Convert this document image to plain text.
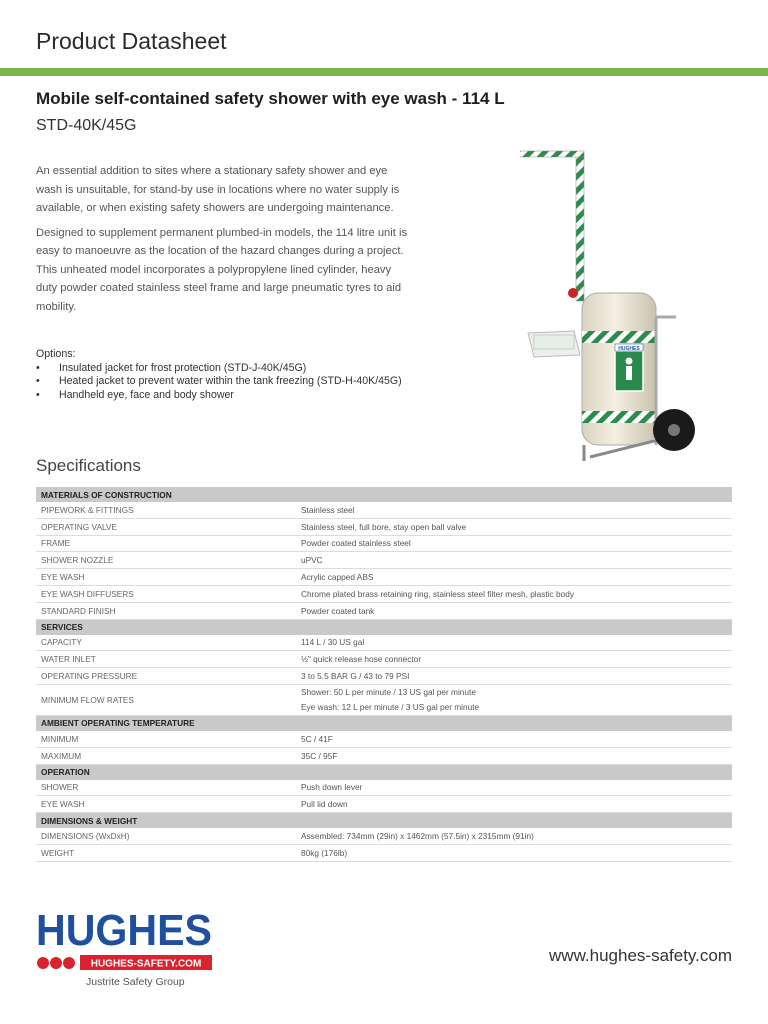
Product Datasheet
Mobile self-contained safety shower with eye wash - 114 L
STD-40K/45G

An essential addition to sites where a stationary safety shower and eye wash is unsuitable, for stand-by use in locations where no water supply is available, or when existing safety showers are undergoing maintenance.

Designed to supplement permanent plumbed-in models, the 114 litre unit is easy to manoeuvre as the location of the hazard changes during a project. This unheated model incorporates a polypropylene lined cylinder, heavy duty powder coated stainless steel frame and large pneumatic tyres to aid mobility.

Options:
• Insulated jacket for frost protection (STD-J-40K/45G)
• Heated jacket to prevent water within the tank freezing (STD-H-40K/45G)
• Handheld eye, face and body shower
HUGHES
Specifications
MATERIALS OF CONSTRUCTION	
PIPEWORK & FITTINGS	Stainless steel
OPERATING VALVE	Stainless steel, full bore, stay open ball valve
FRAME	Powder coated stainless steel
SHOWER NOZZLE	uPVC
EYE WASH	Acrylic capped ABS
EYE WASH DIFFUSERS	Chrome plated brass retaining ring, stainless steel filter mesh, plastic body
STANDARD FINISH	Powder coated tank
SERVICES	
CAPACITY	114 L / 30 US gal
WATER INLET	½" quick release hose connector
OPERATING PRESSURE	3 to 5.5 BAR G / 43 to 79 PSI
MINIMUM FLOW RATES	Shower: 50 L per minute / 13 US gal per minute
Eye wash: 12 L per minute / 3 US gal per minute

AMBIENT OPERATING TEMPERATURE	
MINIMUM	5C / 41F
MAXIMUM	35C / 95F
OPERATION	
SHOWER	Push down lever
EYE WASH	Pull lid down
DIMENSIONS & WEIGHT	
DIMENSIONS (WxDxH)	Assembled: 734mm (29in) x 1462mm (57.5in) x 2315mm (91in)
WEIGHT	80kg (176lb)
HUGHES
HUGHES-SAFETY.COM
Justrite Safety Group
www.hughes-safety.com
